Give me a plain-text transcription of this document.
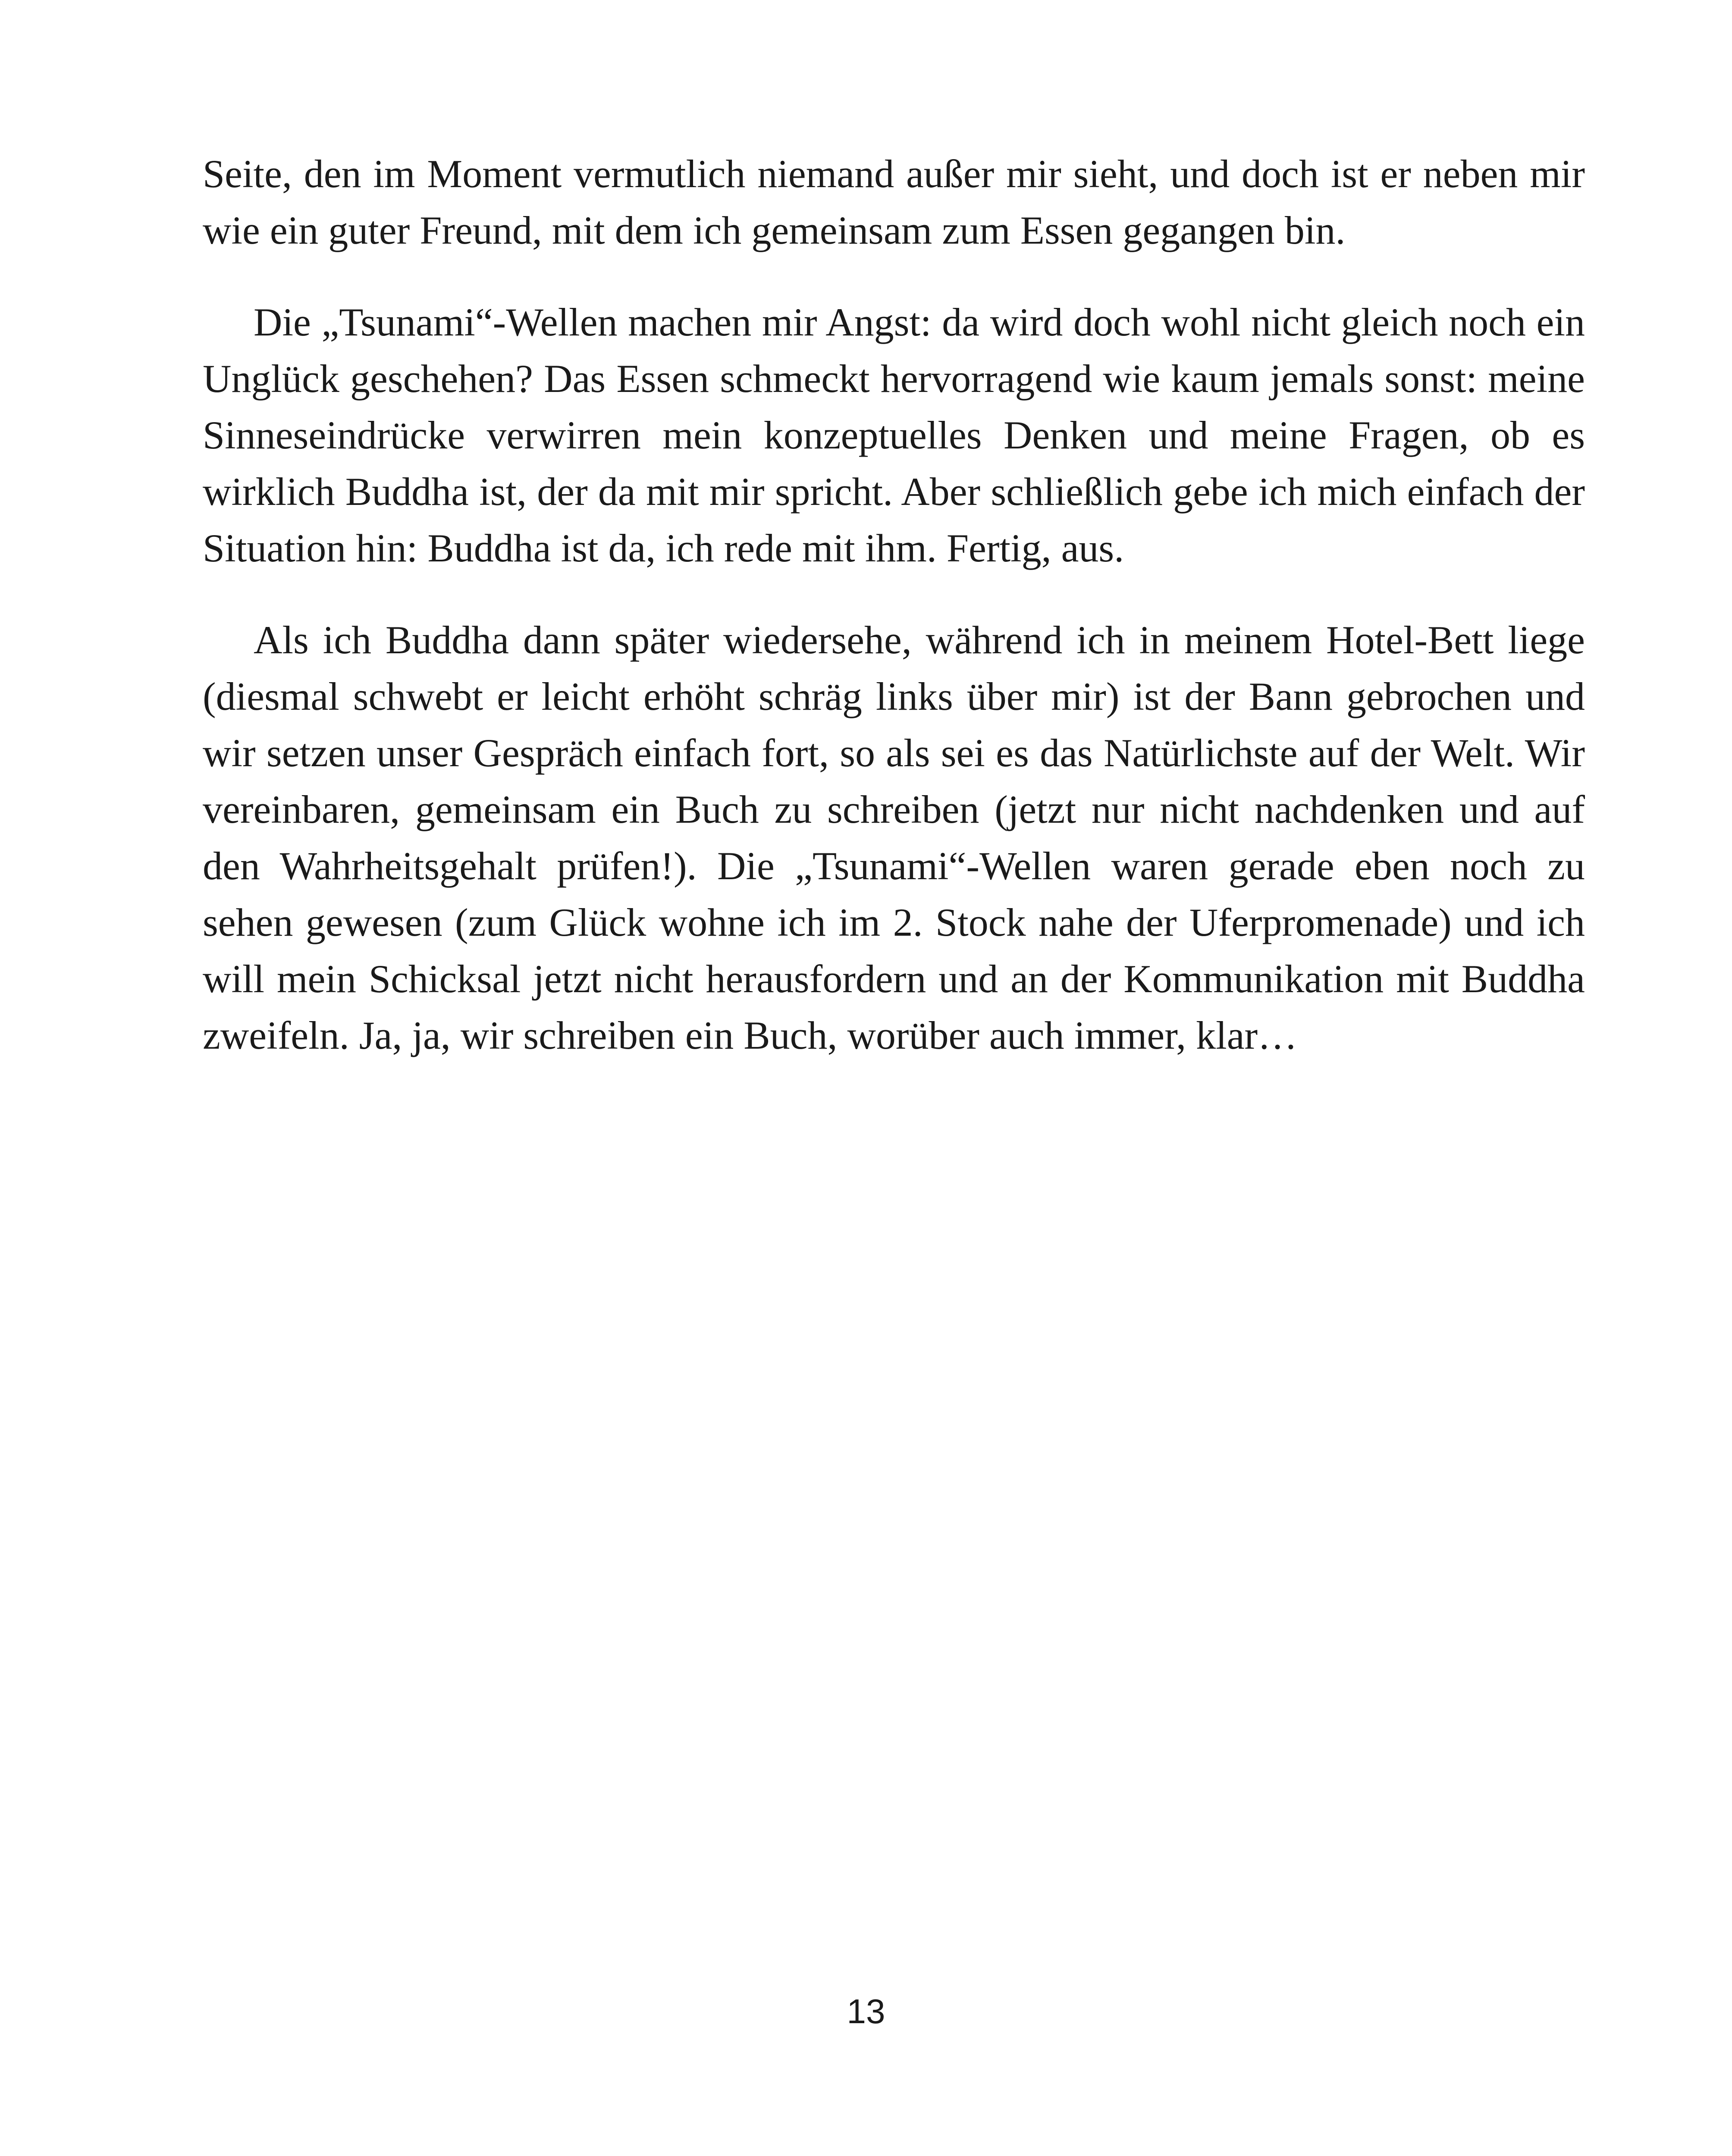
Seite, den im Moment vermutlich niemand außer mir sieht, und doch ist er neben mir wie ein guter Freund, mit dem ich gemeinsam zum Essen gegangen bin.

Die „Tsunami“-Wellen machen mir Angst: da wird doch wohl nicht gleich noch ein Unglück geschehen? Das Essen schmeckt hervorragend wie kaum jemals sonst: meine Sinneseindrücke verwirren mein konzeptuelles Denken und meine Fragen, ob es wirklich Buddha ist, der da mit mir spricht. Aber schließlich gebe ich mich einfach der Situation hin: Buddha ist da, ich rede mit ihm. Fertig, aus.

Als ich Buddha dann später wiedersehe, während ich in meinem Hotel-Bett liege (diesmal schwebt er leicht erhöht schräg links über mir) ist der Bann gebrochen und wir setzen unser Gespräch einfach fort, so als sei es das Natürlichste auf der Welt. Wir vereinbaren, gemeinsam ein Buch zu schreiben (jetzt nur nicht nachdenken und auf den Wahrheitsgehalt prüfen!). Die „Tsunami“-Wellen waren gerade eben noch zu sehen gewesen (zum Glück wohne ich im 2. Stock nahe der Uferpromenade) und ich will mein Schicksal jetzt nicht herausfordern und an der Kommunikation mit Buddha zweifeln. Ja, ja, wir schreiben ein Buch, worüber auch immer, klar…

13
